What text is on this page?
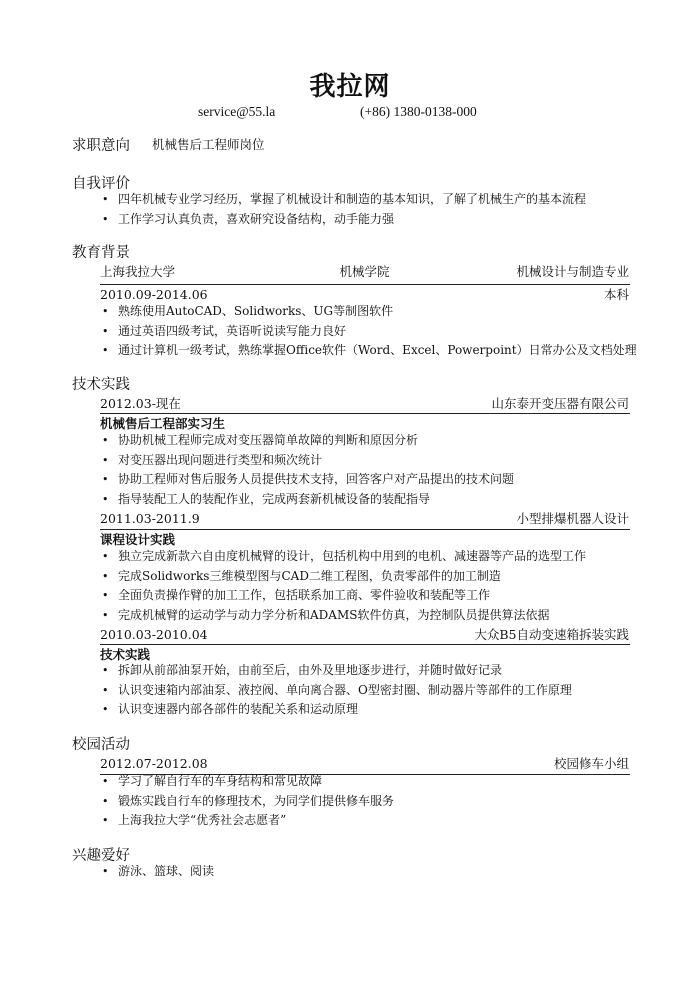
我拉网
service@55.la	(+86) 1380-0138-000
求职意向 机械售后工程师岗位
自我评价
• 四年机械专业学习经历，掌握了机械设计和制造的基本知识，了解了机械生产的基本流程
• 工作学习认真负责，喜欢研究设备结构，动手能力强
教育背景
上海我拉大学	机械学院	机械设计与制造专业
2010.09-2014.06	本科
• 熟练使用AutoCAD、Solidworks、UG等制图软件
• 通过英语四级考试，英语听说读写能力良好
• 通过计算机一级考试，熟练掌握Office软件（Word、Excel、Powerpoint）日常办公及文档处理
技术实践
2012.03-现在	山东泰开变压器有限公司
机械售后工程部实习生
• 协助机械工程师完成对变压器简单故障的判断和原因分析
• 对变压器出现问题进行类型和频次统计
• 协助工程师对售后服务人员提供技术支持，回答客户对产品提出的技术问题
• 指导装配工人的装配作业，完成两套新机械设备的装配指导
2011.03-2011.9	小型排爆机器人设计
课程设计实践
• 独立完成新款六自由度机械臂的设计，包括机构中用到的电机、减速器等产品的选型工作
• 完成Solidworks三维模型图与CAD二维工程图，负责零部件的加工制造
• 全面负责操作臂的加工工作，包括联系加工商、零件验收和装配等工作
• 完成机械臂的运动学与动力学分析和ADAMS软件仿真，为控制队员提供算法依据
2010.03-2010.04	大众B5自动变速箱拆装实践
技术实践
• 拆卸从前部油泵开始，由前至后，由外及里地逐步进行，并随时做好记录
• 认识变速箱内部油泵、液控阀、单向离合器、O型密封圈、制动器片等部件的工作原理
• 认识变速器内部各部件的装配关系和运动原理
校园活动
2012.07-2012.08	校园修车小组
• 学习了解自行车的车身结构和常见故障
• 锻炼实践自行车的修理技术，为同学们提供修车服务
• 上海我拉大学“优秀社会志愿者”
兴趣爱好
• 游泳、篮球、阅读
